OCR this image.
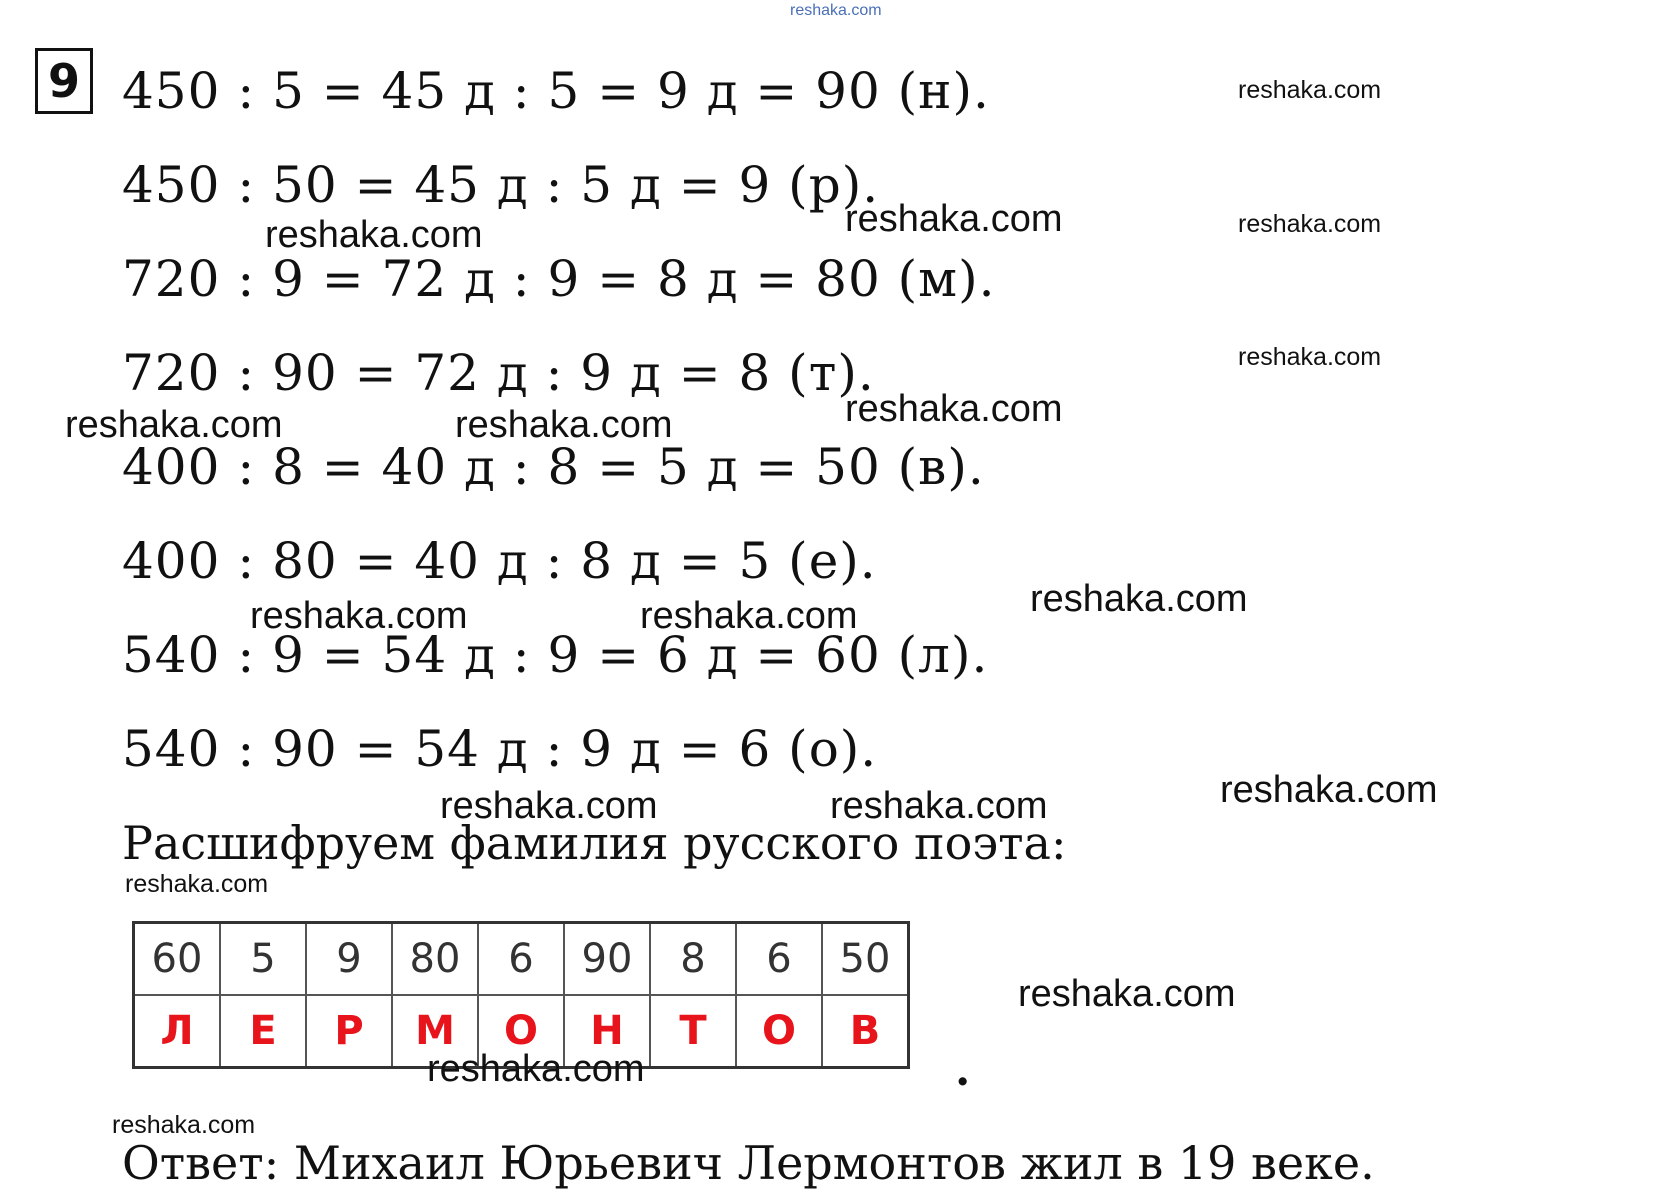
reshaka.com
9 450 : 5 = 45 д : 5 = 9 д = 90 (н).
450 : 50 = 45 д : 5 д = 9 (р).
720 : 9 = 72 д : 9 = 8 д = 80 (м).
720 : 90 = 72 д : 9 д = 8 (т).
400 : 8 = 40 д : 8 = 5 д = 50 (в).
400 : 80 = 40 д : 8 д = 5 (е).
540 : 9 = 54 д : 9 = 6 д = 60 (л).
540 : 90 = 54 д : 9 д = 6 (о).
Расшифруем фамилия русского поэта:
60	5	9	80	6	90	8	6	50
Л	Е	Р	М	О	Н	Т	О	В
.
Ответ: Михаил Юрьевич Лермонтов жил в 19 веке.
reshaka.com
reshaka.com
reshaka.com
reshaka.com	reshaka.com
reshaka.com	reshaka.com	reshaka.com
reshaka.com
reshaka.com	reshaka.com
reshaka.com	reshaka.com	reshaka.com
reshaka.com
reshaka.com
reshaka.com
reshaka.com
